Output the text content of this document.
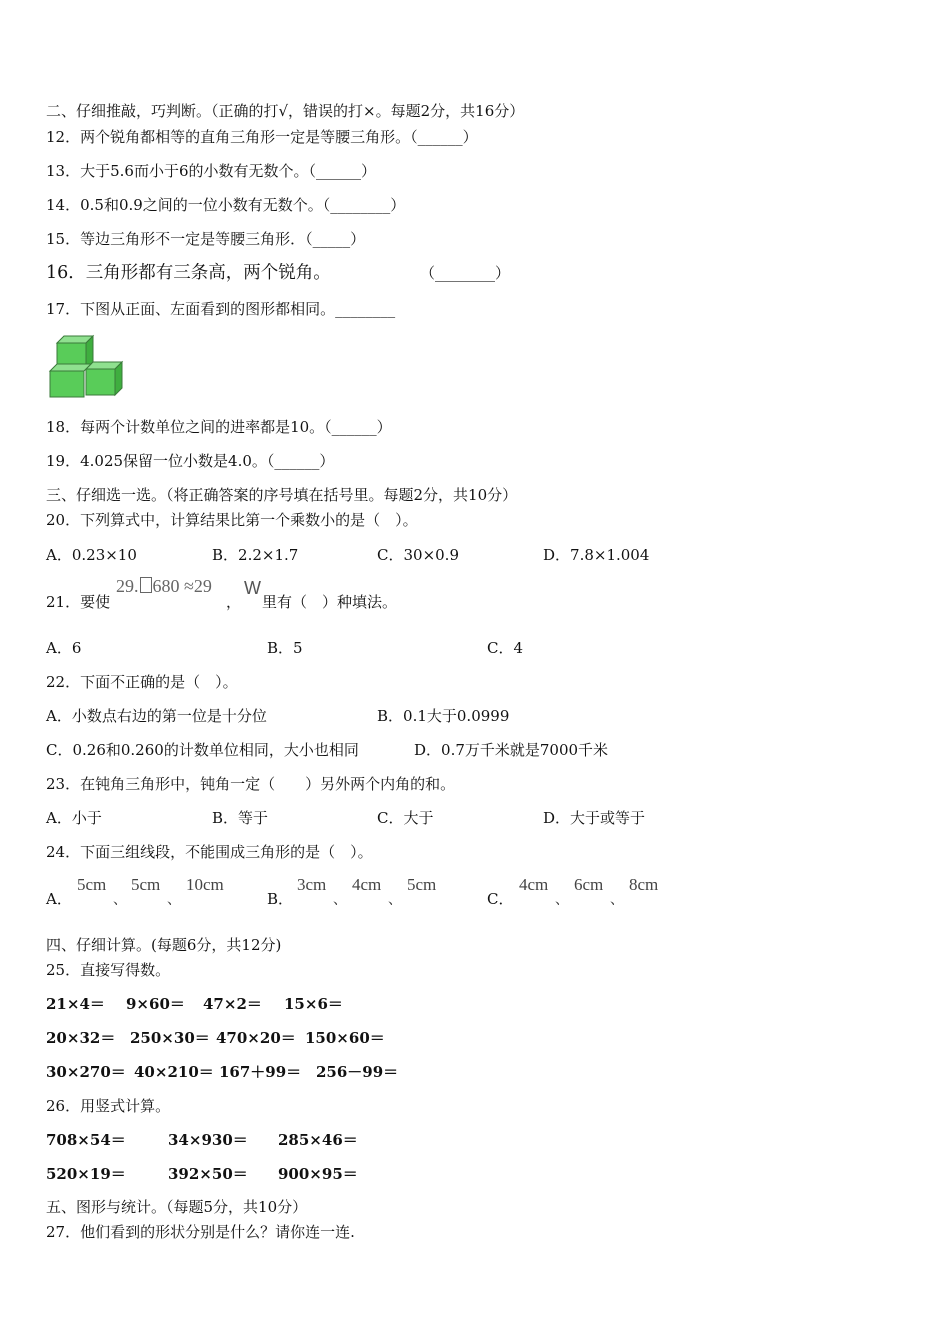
二、仔细推敲，巧判断。（正确的打√，错误的打×。每题2分，共16分）
12．两个锐角都相等的直角三角形一定是等腰三角形。（______）
13．大于5.6而小于6的小数有无数个。（______）
14．0.5和0.9之间的一位小数有无数个。（________）
15．等边三角形不一定是等腰三角形．（_____）
16．三角形都有三条高，两个锐角。	（________）
17．下图从正面、左面看到的图形都相同。________
18．每两个计数单位之间的进率都是10。（______）
19．4.025保留一位小数是4.0。（______）
三、仔细选一选。（将正确答案的序号填在括号里。每题2分，共10分）
20．下列算式中，计算结果比第一个乘数小的是（　）。
A．0.23×10	B．2.2×1.7	C．30×0.9	D．7.8×1.004
21．要使
29. 680 ≈29
，
W
里有（　）种填法。
A．6	B．5	C．4
22．下面不正确的是（　）。
A．小数点右边的第一位是十分位	B．0.1大于0.0999
C．0.26和0.260的计数单位相同，大小也相同	D．0.7万千米就是7000千米
23．在钝角三角形中，钝角一定（　　）另外两个内角的和。
A．小于	B．等于	C．大于	D．大于或等于
24．下面三组线段，不能围成三角形的是（　）。
A．
5cm
、
5cm
、
10cm
B．
3cm
、
4cm
、
5cm
C．
4cm
、
6cm
、
8cm
四、仔细计算。(每题6分，共12分)
25．直接写得数。
21×4＝ 9×60＝ 47×2＝ 15×6＝
20×32＝ 250×30＝ 470×20＝ 150×60＝
30×270＝ 40×210＝ 167＋99＝ 256－99＝
26．用竖式计算。
708×54＝	34×930＝ 285×46＝
520×19＝	392×50＝ 900×95＝
五、图形与统计。（每题5分，共10分）
27．他们看到的形状分别是什么？请你连一连.
